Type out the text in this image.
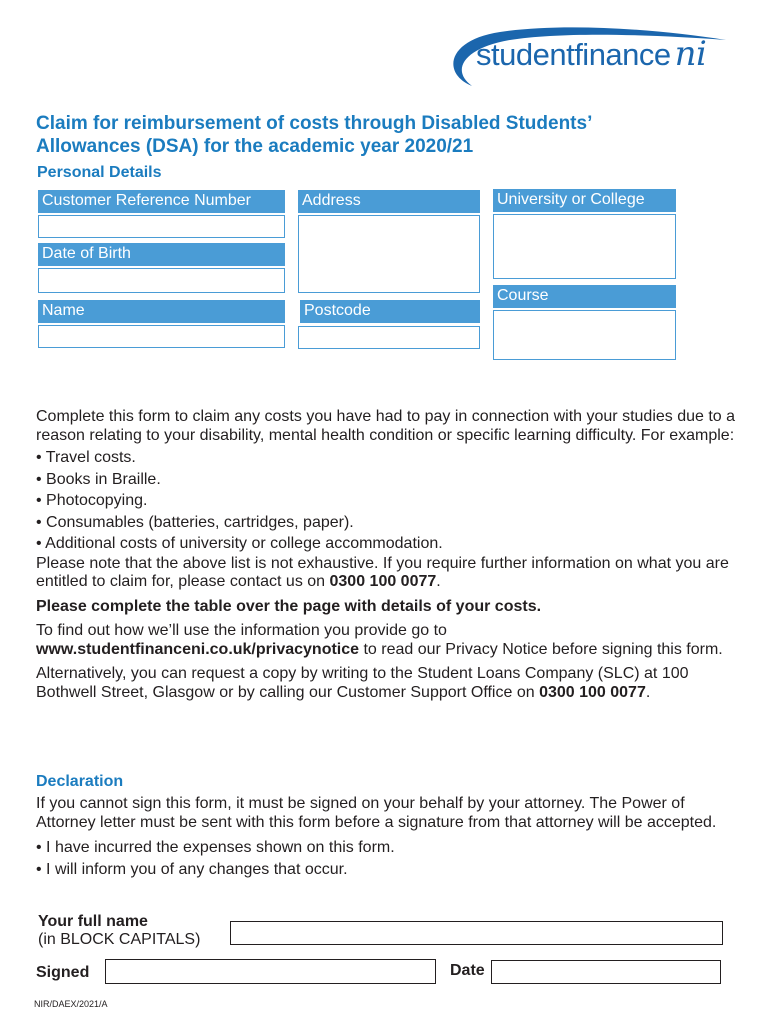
studentfinance ni
Claim for reimbursement of costs through Disabled Students’
Allowances (DSA) for the academic year 2020/21
Personal Details
Customer Reference Number
Date of Birth
Name
Address
Postcode
University or College
Course

Complete this form to claim any costs you have had to pay in connection with your studies due to a reason relating to your disability, mental health condition or specific learning difficulty. For example:

• Travel costs.
• Books in Braille.
• Photocopying.
• Consumables (batteries, cartridges, paper).
• Additional costs of university or college accommodation.

Please note that the above list is not exhaustive. If you require further information on what you are entitled to claim for, please contact us on 0300 100 0077.

Please complete the table over the page with details of your costs.

To find out how we’ll use the information you provide go to
www.studentfinanceni.co.uk/privacynotice to read our Privacy Notice before signing this form.

Alternatively, you can request a copy by writing to the Student Loans Company (SLC) at 100 Bothwell Street, Glasgow or by calling our Customer Support Office on 0300 100 0077.

Declaration

If you cannot sign this form, it must be signed on your behalf by your attorney. The Power of Attorney letter must be sent with this form before a signature from that attorney will be accepted.

• I have incurred the expenses shown on this form.
• I will inform you of any changes that occur.
Your full name
(in BLOCK CAPITALS)
Signed	Date
NIR/DAEX/2021/A
